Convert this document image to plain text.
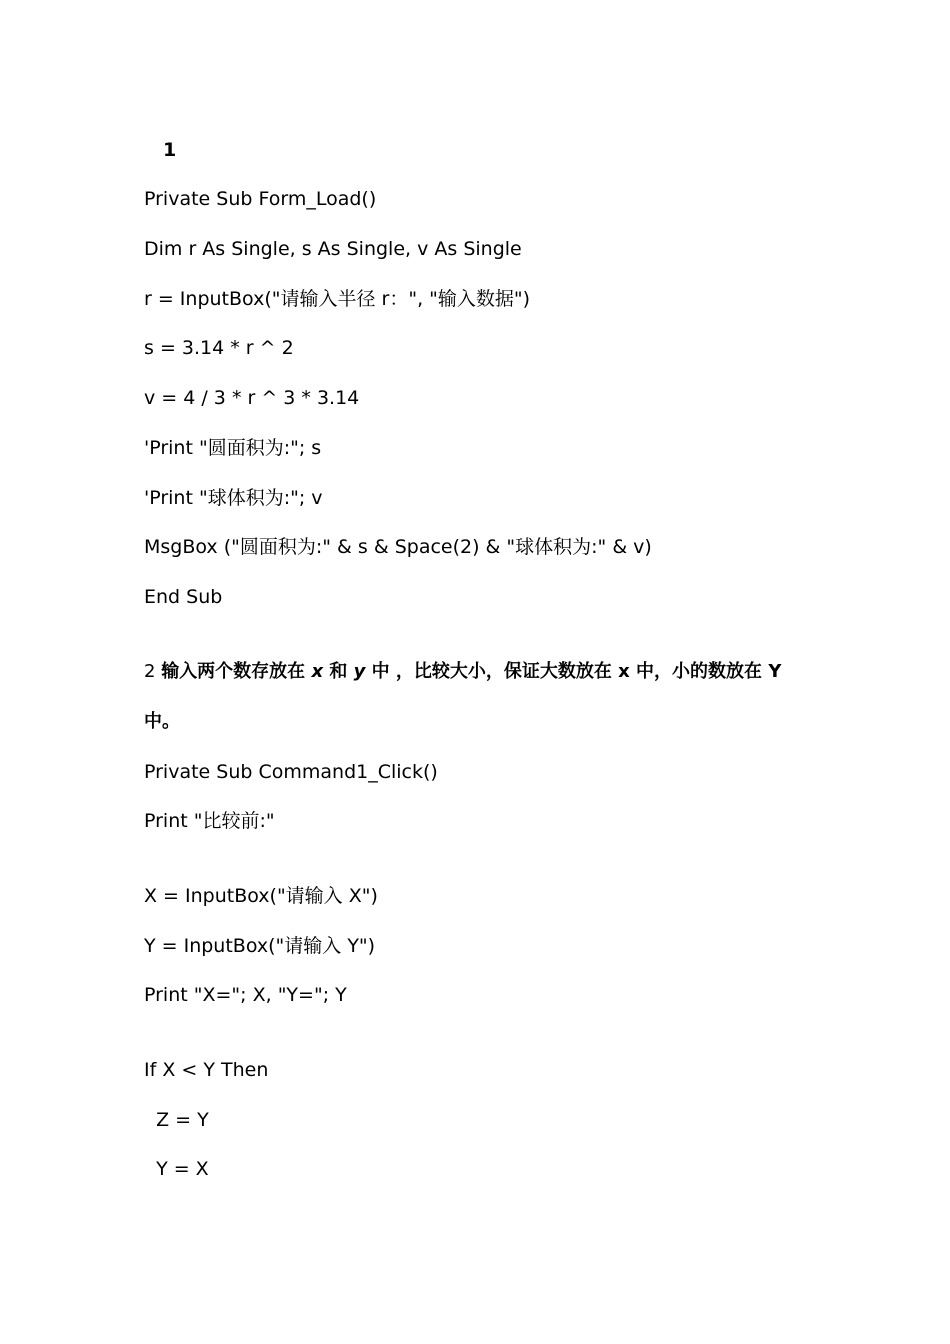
1
Private Sub Form_Load()
Dim r As Single, s As Single, v As Single
r = InputBox("请输入半径 r：", "输入数据")
s = 3.14 * r ^ 2
v = 4 / 3 * r ^ 3 * 3.14
'Print "圆面积为:"; s
'Print "球体积为:"; v
MsgBox ("圆面积为:" & s & Space(2) & "球体积为:" & v)
End Sub
2 输入两个数存放在 x 和 y 中 ，比较大小，保证大数放在 x 中，小的数放在 Y
中。
Private Sub Command1_Click()
Print "比较前:"
X = InputBox("请输入 X")
Y = InputBox("请输入 Y")
Print "X="; X, "Y="; Y
If X < Y Then
Z = Y
Y = X
